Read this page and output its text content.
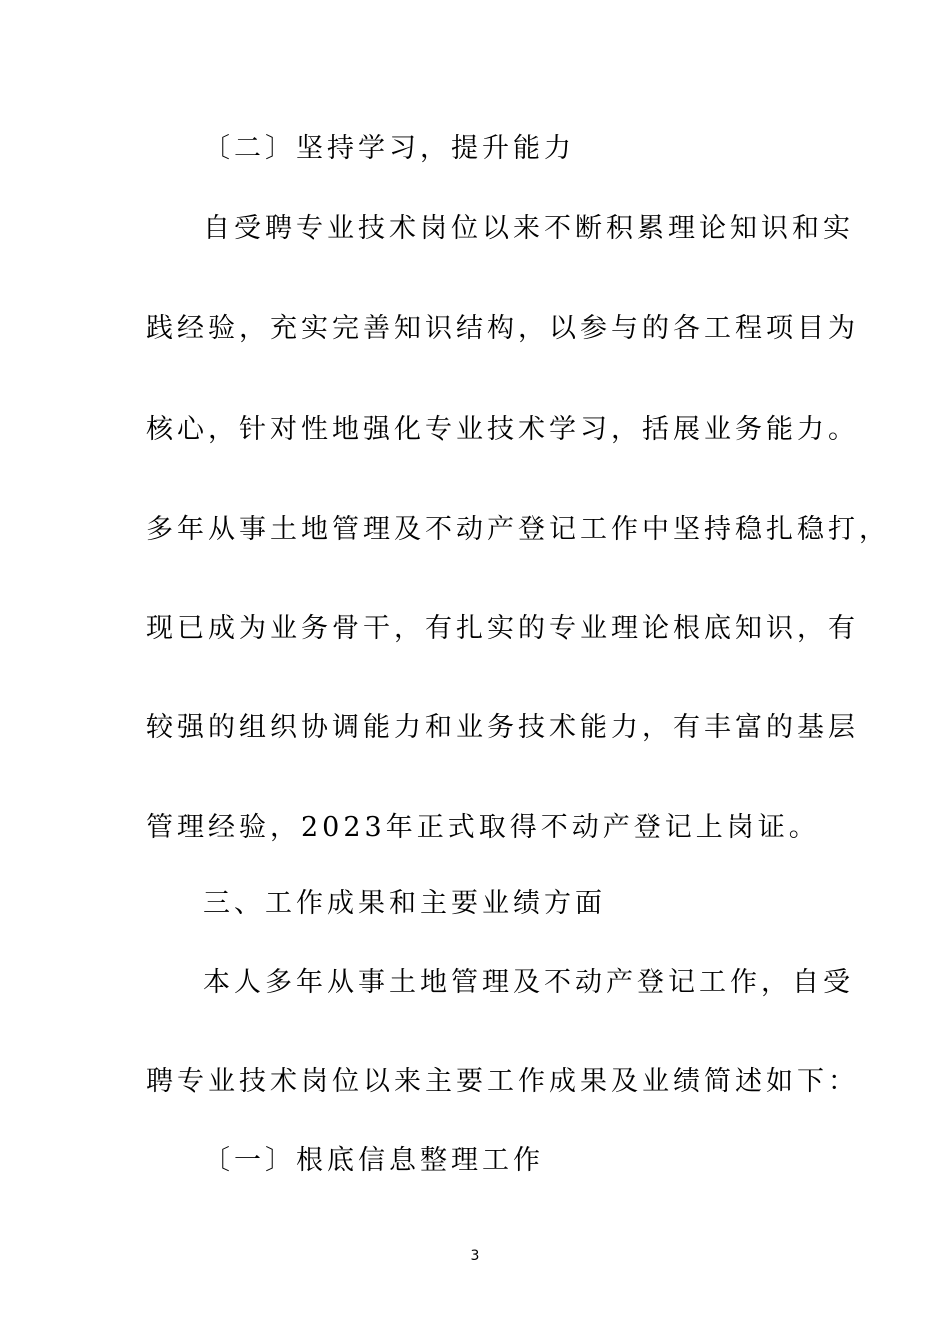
〔二〕坚持学习，提升能力
自受聘专业技术岗位以来不断积累理论知识和实
践经验，充实完善知识结构，以参与的各工程项目为
核心，针对性地强化专业技术学习，括展业务能力。
多年从事土地管理及不动产登记工作中坚持稳扎稳打，
现已成为业务骨干，有扎实的专业理论根底知识，有
较强的组织协调能力和业务技术能力，有丰富的基层
管理经验，2023年正式取得不动产登记上岗证。
三、工作成果和主要业绩方面
本人多年从事土地管理及不动产登记工作，自受
聘专业技术岗位以来主要工作成果及业绩简述如下：
〔一〕根底信息整理工作
3
